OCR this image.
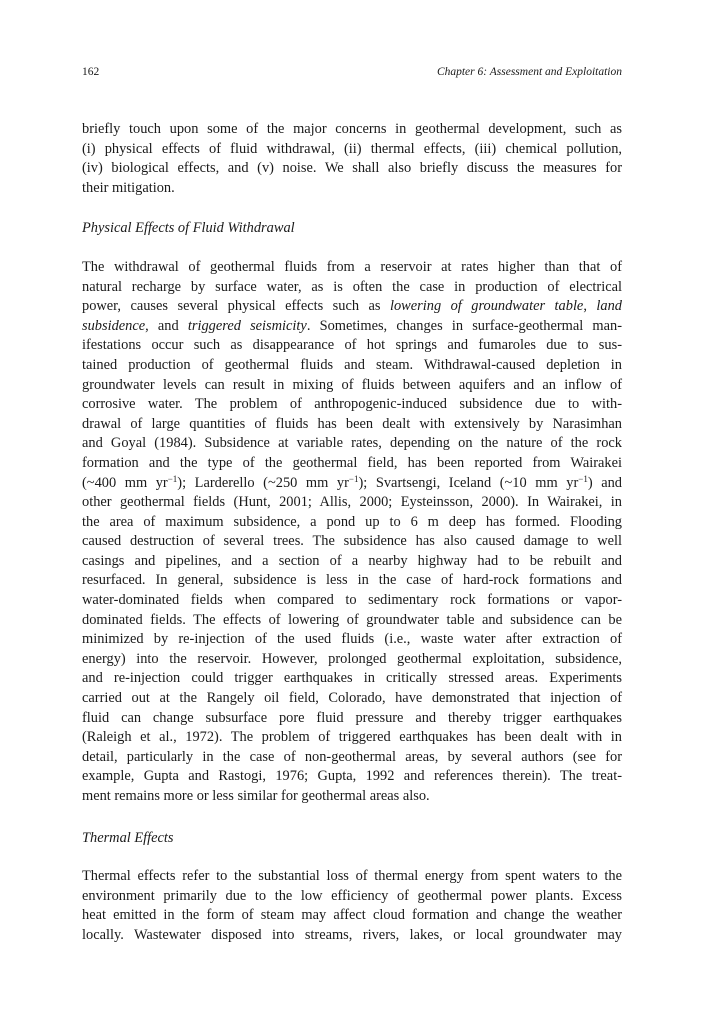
162	Chapter 6: Assessment and Exploitation
briefly touch upon some of the major concerns in geothermal development, such as
(i) physical effects of fluid withdrawal, (ii) thermal effects, (iii) chemical pollution,
(iv) biological effects, and (v) noise. We shall also briefly discuss the measures for
their mitigation.
Physical Effects of Fluid Withdrawal
The withdrawal of geothermal fluids from a reservoir at rates higher than that of
natural recharge by surface water, as is often the case in production of electrical
power, causes several physical effects such as lowering of groundwater table, land
subsidence, and triggered seismicity. Sometimes, changes in surface-geothermal man-
ifestations occur such as disappearance of hot springs and fumaroles due to sus-
tained production of geothermal fluids and steam. Withdrawal-caused depletion in
groundwater levels can result in mixing of fluids between aquifers and an inflow of
corrosive water. The problem of anthropogenic-induced subsidence due to with-
drawal of large quantities of fluids has been dealt with extensively by Narasimhan
and Goyal (1984). Subsidence at variable rates, depending on the nature of the rock
formation and the type of the geothermal field, has been reported from Wairakei
(~400 mm $yr^{-1}$); Larderello (~250 mm $yr^{-1}$); Svartsengi, Iceland (~10 mm $yr^{-1}$) and
other geothermal fields (Hunt, 2001; Allis, 2000; Eysteinsson, 2000). In Wairakei, in
the area of maximum subsidence, a pond up to 6 m deep has formed. Flooding
caused destruction of several trees. The subsidence has also caused damage to well
casings and pipelines, and a section of a nearby highway had to be rebuilt and
resurfaced. In general, subsidence is less in the case of hard-rock formations and
water-dominated fields when compared to sedimentary rock formations or vapor-
dominated fields. The effects of lowering of groundwater table and subsidence can be
minimized by re-injection of the used fluids (i.e., waste water after extraction of
energy) into the reservoir. However, prolonged geothermal exploitation, subsidence,
and re-injection could trigger earthquakes in critically stressed areas. Experiments
carried out at the Rangely oil field, Colorado, have demonstrated that injection of
fluid can change subsurface pore fluid pressure and thereby trigger earthquakes
(Raleigh et al., 1972). The problem of triggered earthquakes has been dealt with in
detail, particularly in the case of non-geothermal areas, by several authors (see for
example, Gupta and Rastogi, 1976; Gupta, 1992 and references therein). The treat-
ment remains more or less similar for geothermal areas also.
Thermal Effects
Thermal effects refer to the substantial loss of thermal energy from spent waters to the
environment primarily due to the low efficiency of geothermal power plants. Excess
heat emitted in the form of steam may affect cloud formation and change the weather
locally. Wastewater disposed into streams, rivers, lakes, or local groundwater may
